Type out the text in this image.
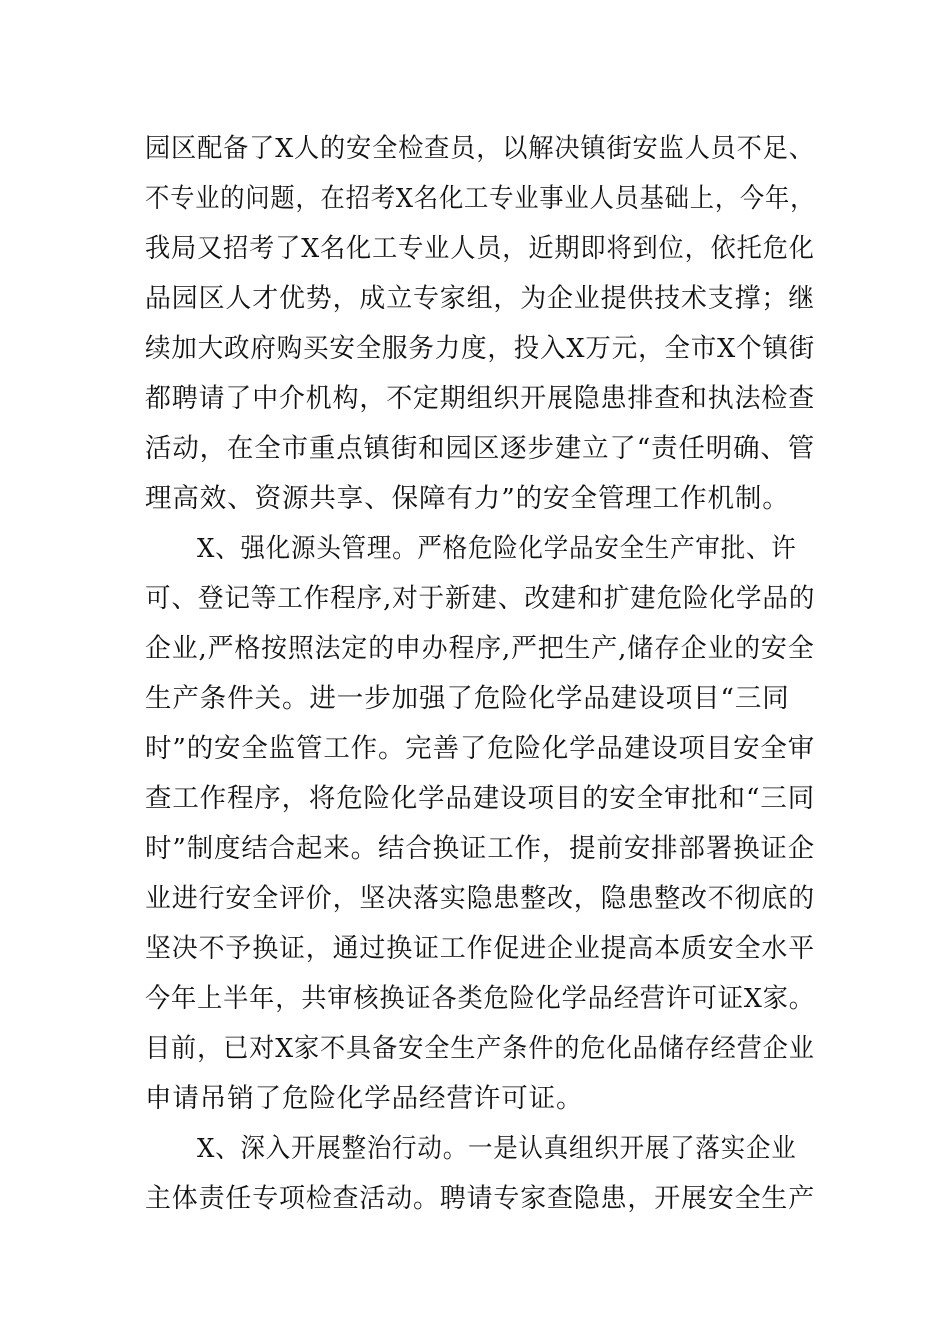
园区配备了X人的安全检查员，以解决镇街安监人员不足、
不专业的问题，在招考X名化工专业事业人员基础上，今年，
我局又招考了X名化工专业人员，近期即将到位，依托危化
品园区人才优势，成立专家组，为企业提供技术支撑；继
续加大政府购买安全服务力度，投入X万元，全市X个镇街
都聘请了中介机构，不定期组织开展隐患排查和执法检查
活动，在全市重点镇街和园区逐步建立了“责任明确、管
理高效、资源共享、保障有力”的安全管理工作机制。
X、强化源头管理。严格危险化学品安全生产审批、许
可、登记等工作程序,对于新建、改建和扩建危险化学品的
企业,严格按照法定的申办程序,严把生产,储存企业的安全
生产条件关。进一步加强了危险化学品建设项目“三同
时”的安全监管工作。完善了危险化学品建设项目安全审
查工作程序，将危险化学品建设项目的安全审批和“三同
时”制度结合起来。结合换证工作，提前安排部署换证企
业进行安全评价，坚决落实隐患整改，隐患整改不彻底的
坚决不予换证，通过换证工作促进企业提高本质安全水平
今年上半年，共审核换证各类危险化学品经营许可证X家。
目前，已对X家不具备安全生产条件的危化品储存经营企业
申请吊销了危险化学品经营许可证。
X、深入开展整治行动。一是认真组织开展了落实企业
主体责任专项检查活动。聘请专家查隐患，开展安全生产
